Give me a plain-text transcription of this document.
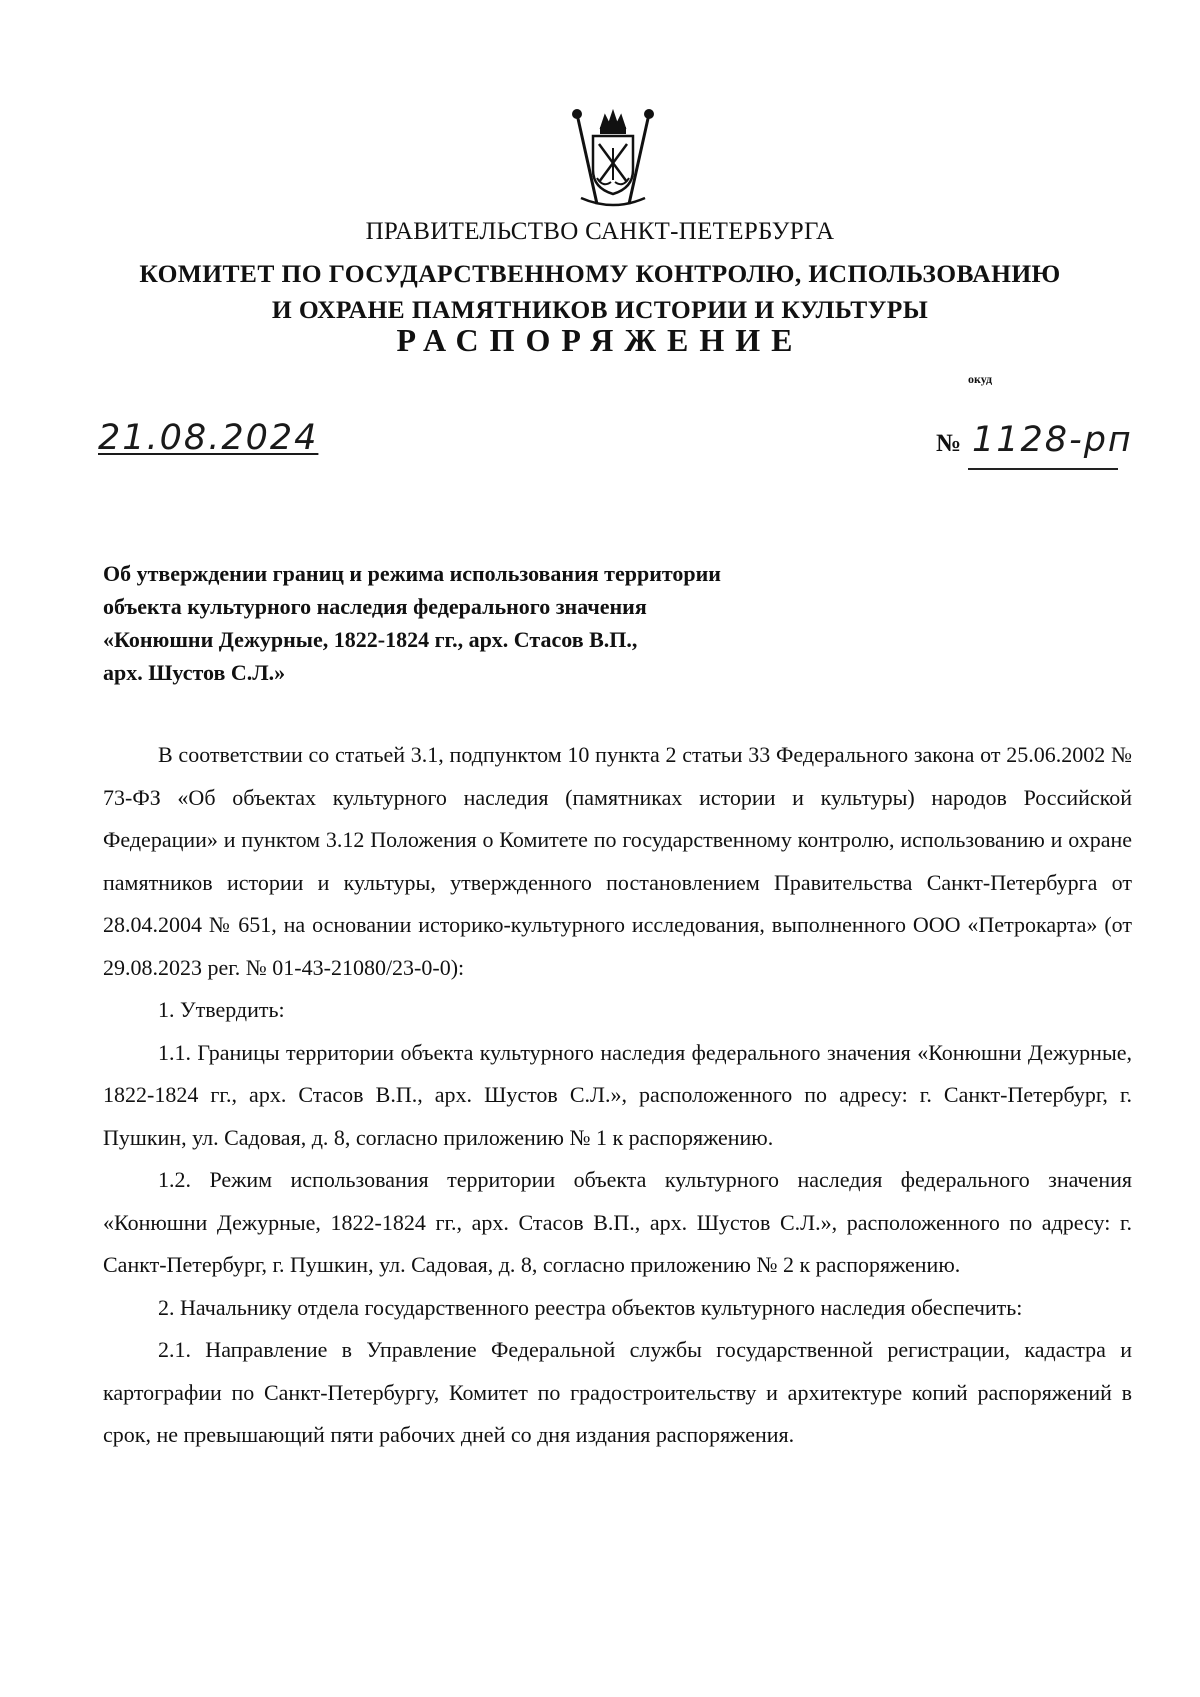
ПРАВИТЕЛЬСТВО САНКТ-ПЕТЕРБУРГА
КОМИТЕТ ПО ГОСУДАРСТВЕННОМУ КОНТРОЛЮ, ИСПОЛЬЗОВАНИЮ
И ОХРАНЕ ПАМЯТНИКОВ ИСТОРИИ И КУЛЬТУРЫ
РАСПОРЯЖЕНИЕ
окуд
21.08.2024	№ 1128-рп
Об утверждении границ и режима использования территории
объекта культурного наследия федерального значения
«Конюшни Дежурные, 1822-1824 гг., арх. Стасов В.П.,
арх. Шустов С.Л.»

В соответствии со статьей 3.1, подпунктом 10 пункта 2 статьи 33 Федерального закона от 25.06.2002 № 73-ФЗ «Об объектах культурного наследия (памятниках истории и культуры) народов Российской Федерации» и пунктом 3.12 Положения о Комитете по государственному контролю, использованию и охране памятников истории и культуры, утвержденного постановлением Правительства Санкт-Петербурга от 28.04.2004 № 651, на основании историко-культурного исследования, выполненного ООО «Петрокарта» (от 29.08.2023 рег. № 01-43-21080/23-0-0):

1. Утвердить:

1.1. Границы территории объекта культурного наследия федерального значения «Конюшни Дежурные, 1822-1824 гг., арх. Стасов В.П., арх. Шустов С.Л.», расположенного по адресу: г. Санкт-Петербург, г. Пушкин, ул. Садовая, д. 8, согласно приложению № 1 к распоряжению.

1.2. Режим использования территории объекта культурного наследия федерального значения «Конюшни Дежурные, 1822-1824 гг., арх. Стасов В.П., арх. Шустов С.Л.», расположенного по адресу: г. Санкт-Петербург, г. Пушкин, ул. Садовая, д. 8, согласно приложению № 2 к распоряжению.

2. Начальнику отдела государственного реестра объектов культурного наследия обеспечить:

2.1. Направление в Управление Федеральной службы государственной регистрации, кадастра и картографии по Санкт-Петербургу, Комитет по градостроительству и архитектуре копий распоряжений в срок, не превышающий пяти рабочих дней со дня издания распоряжения.
